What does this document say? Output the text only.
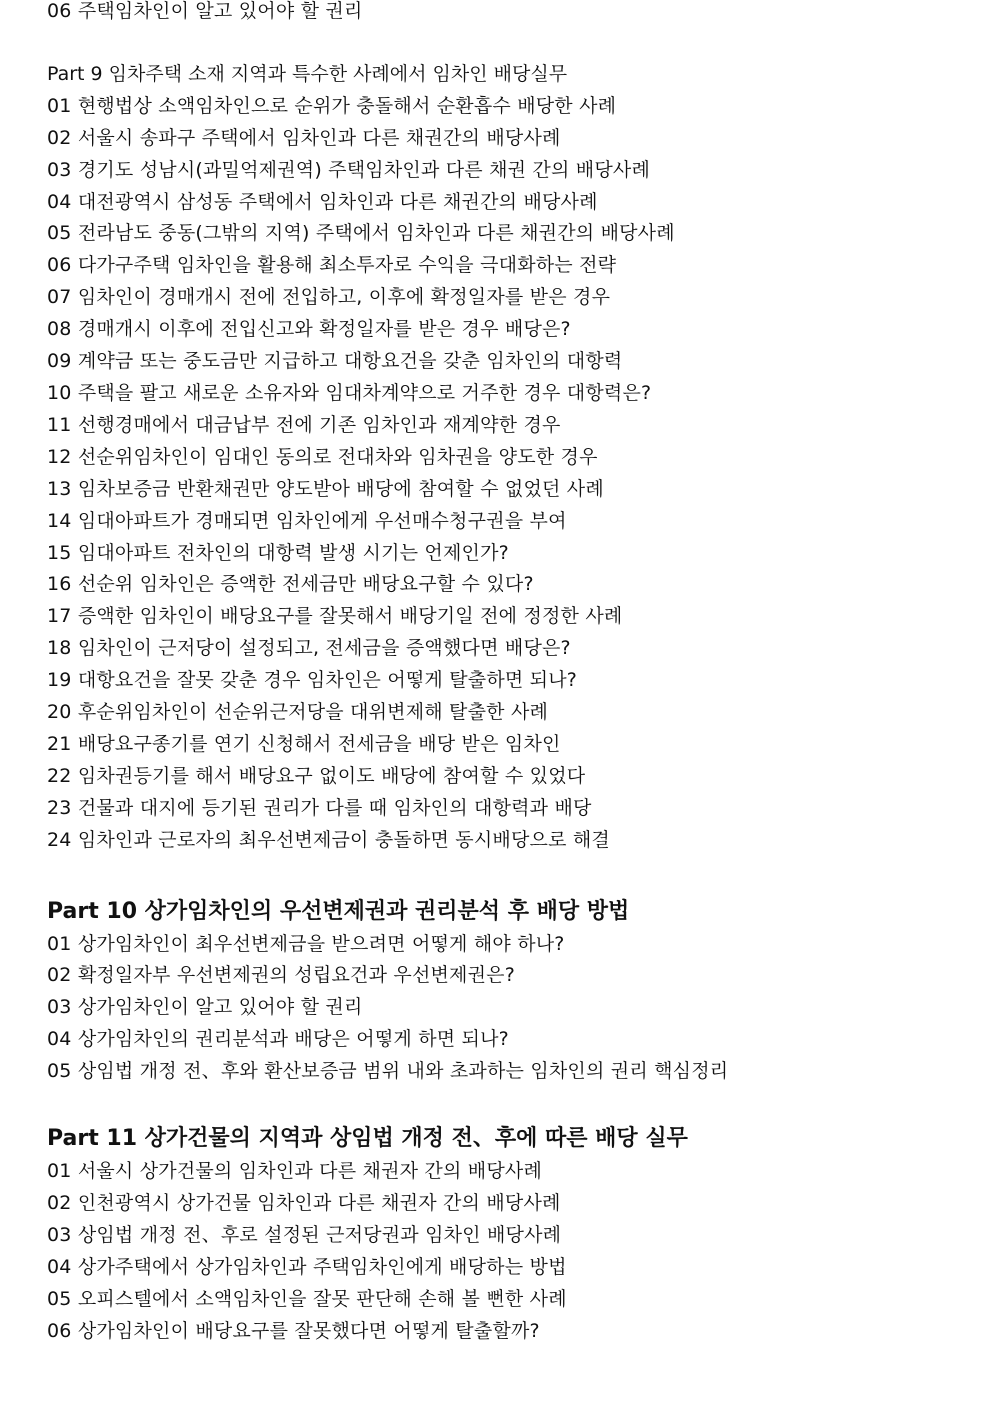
06 주택임차인이 알고 있어야 할 권리
Part 9 임차주택 소재 지역과 특수한 사례에서 임차인 배당실무
01 현행법상 소액임차인으로 순위가 충돌해서 순환흡수 배당한 사례
02 서울시 송파구 주택에서 임차인과 다른 채권간의 배당사례
03 경기도 성남시(과밀억제권역) 주택임차인과 다른 채권 간의 배당사례
04 대전광역시 삼성동 주택에서 임차인과 다른 채권간의 배당사례
05 전라남도 중동(그밖의 지역) 주택에서 임차인과 다른 채권간의 배당사례
06 다가구주택 임차인을 활용해 최소투자로 수익을 극대화하는 전략
07 임차인이 경매개시 전에 전입하고, 이후에 확정일자를 받은 경우
08 경매개시 이후에 전입신고와 확정일자를 받은 경우 배당은?
09 계약금 또는 중도금만 지급하고 대항요건을 갖춘 임차인의 대항력
10 주택을 팔고 새로운 소유자와 임대차계약으로 거주한 경우 대항력은?
11 선행경매에서 대금납부 전에 기존 임차인과 재계약한 경우
12 선순위임차인이 임대인 동의로 전대차와 임차권을 양도한 경우
13 임차보증금 반환채권만 양도받아 배당에 참여할 수 없었던 사례
14 임대아파트가 경매되면 임차인에게 우선매수청구권을 부여
15 임대아파트 전차인의 대항력 발생 시기는 언제인가?
16 선순위 임차인은 증액한 전세금만 배당요구할 수 있다?
17 증액한 임차인이 배당요구를 잘못해서 배당기일 전에 정정한 사례
18 임차인이 근저당이 설정되고, 전세금을 증액했다면 배당은?
19 대항요건을 잘못 갖춘 경우 임차인은 어떻게 탈출하면 되나?
20 후순위임차인이 선순위근저당을 대위변제해 탈출한 사례
21 배당요구종기를 연기 신청해서 전세금을 배당 받은 임차인
22 임차권등기를 해서 배당요구 없이도 배당에 참여할 수 있었다
23 건물과 대지에 등기된 권리가 다를 때 임차인의 대항력과 배당
24 임차인과 근로자의 최우선변제금이 충돌하면 동시배당으로 해결
Part 10 상가임차인의 우선변제권과 권리분석 후 배당 방법
01 상가임차인이 최우선변제금을 받으려면 어떻게 해야 하나?
02 확정일자부 우선변제권의 성립요건과 우선변제권은?
03 상가임차인이 알고 있어야 할 권리
04 상가임차인의 권리분석과 배당은 어떻게 하면 되나?
05 상임법 개정 전、후와 환산보증금 범위 내와 초과하는 임차인의 권리 핵심정리
Part 11 상가건물의 지역과 상임법 개정 전、후에 따른 배당 실무
01 서울시 상가건물의 임차인과 다른 채권자 간의 배당사례
02 인천광역시 상가건물 임차인과 다른 채권자 간의 배당사례
03 상임법 개정 전、후로 설정된 근저당권과 임차인 배당사례
04 상가주택에서 상가임차인과 주택임차인에게 배당하는 방법
05 오피스텔에서 소액임차인을 잘못 판단해 손해 볼 뻔한 사례
06 상가임차인이 배당요구를 잘못했다면 어떻게 탈출할까?
